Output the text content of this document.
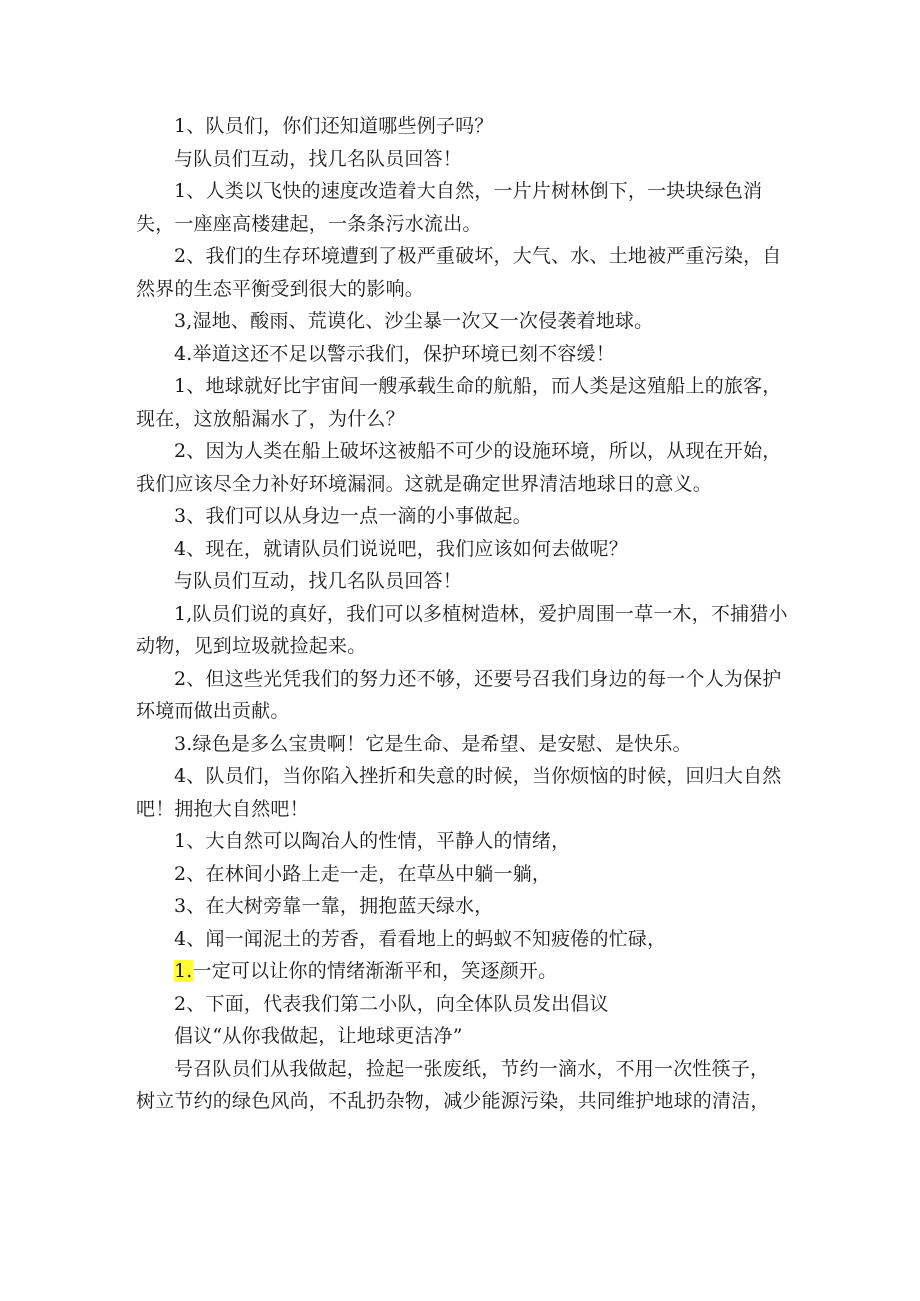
1、队员们，你们还知道哪些例子吗？

与队员们互动，找几名队员回答！

1、人类以飞快的速度改造着大自然，一片片树林倒下，一块块绿色消失，一座座高楼建起，一条条污水流出。

2、我们的生存环境遭到了极严重破坏，大气、水、土地被严重污染，自然界的生态平衡受到很大的影响。

3,湿地、酸雨、荒谟化、沙尘暴一次又一次侵袭着地球。

4.举道这还不足以警示我们，保护环境已刻不容缓！

1、地球就好比宇宙间一艘承载生命的航船，而人类是这殖船上的旅客，现在，这放船漏水了，为什么？

2、因为人类在船上破坏这被船不可少的设施环境，所以，从现在开始，我们应该尽全力补好环境漏洞。这就是确定世界清洁地球日的意义。

3、我们可以从身边一点一滴的小事做起。

4、现在，就请队员们说说吧，我们应该如何去做呢？

与队员们互动，找几名队员回答！

1,队员们说的真好，我们可以多植树造林，爱护周围一草一木，不捕猎小动物，见到垃圾就捡起来。

2、但这些光凭我们的努力还不够，还要号召我们身边的每一个人为保护环境而做出贡献。

3.绿色是多么宝贵啊！它是生命、是希望、是安慰、是快乐。

4、队员们，当你陷入挫折和失意的时候，当你烦恼的时候，回归大自然吧！拥抱大自然吧！

1、大自然可以陶冶人的性情，平静人的情绪，

2、在林间小路上走一走，在草丛中躺一躺，

3、在大树旁靠一靠，拥抱蓝天绿水，

4、闻一闻泥土的芳香，看看地上的蚂蚁不知疲倦的忙碌，

1.一定可以让你的情绪渐渐平和，笑逐颜开。

2、下面，代表我们第二小队，向全体队员发出倡议

倡议“从你我做起，让地球更洁净”

号召队员们从我做起，捡起一张废纸，节约一滴水，不用一次性筷子，树立节约的绿色风尚，不乱扔杂物，减少能源污染，共同维护地球的清洁，
